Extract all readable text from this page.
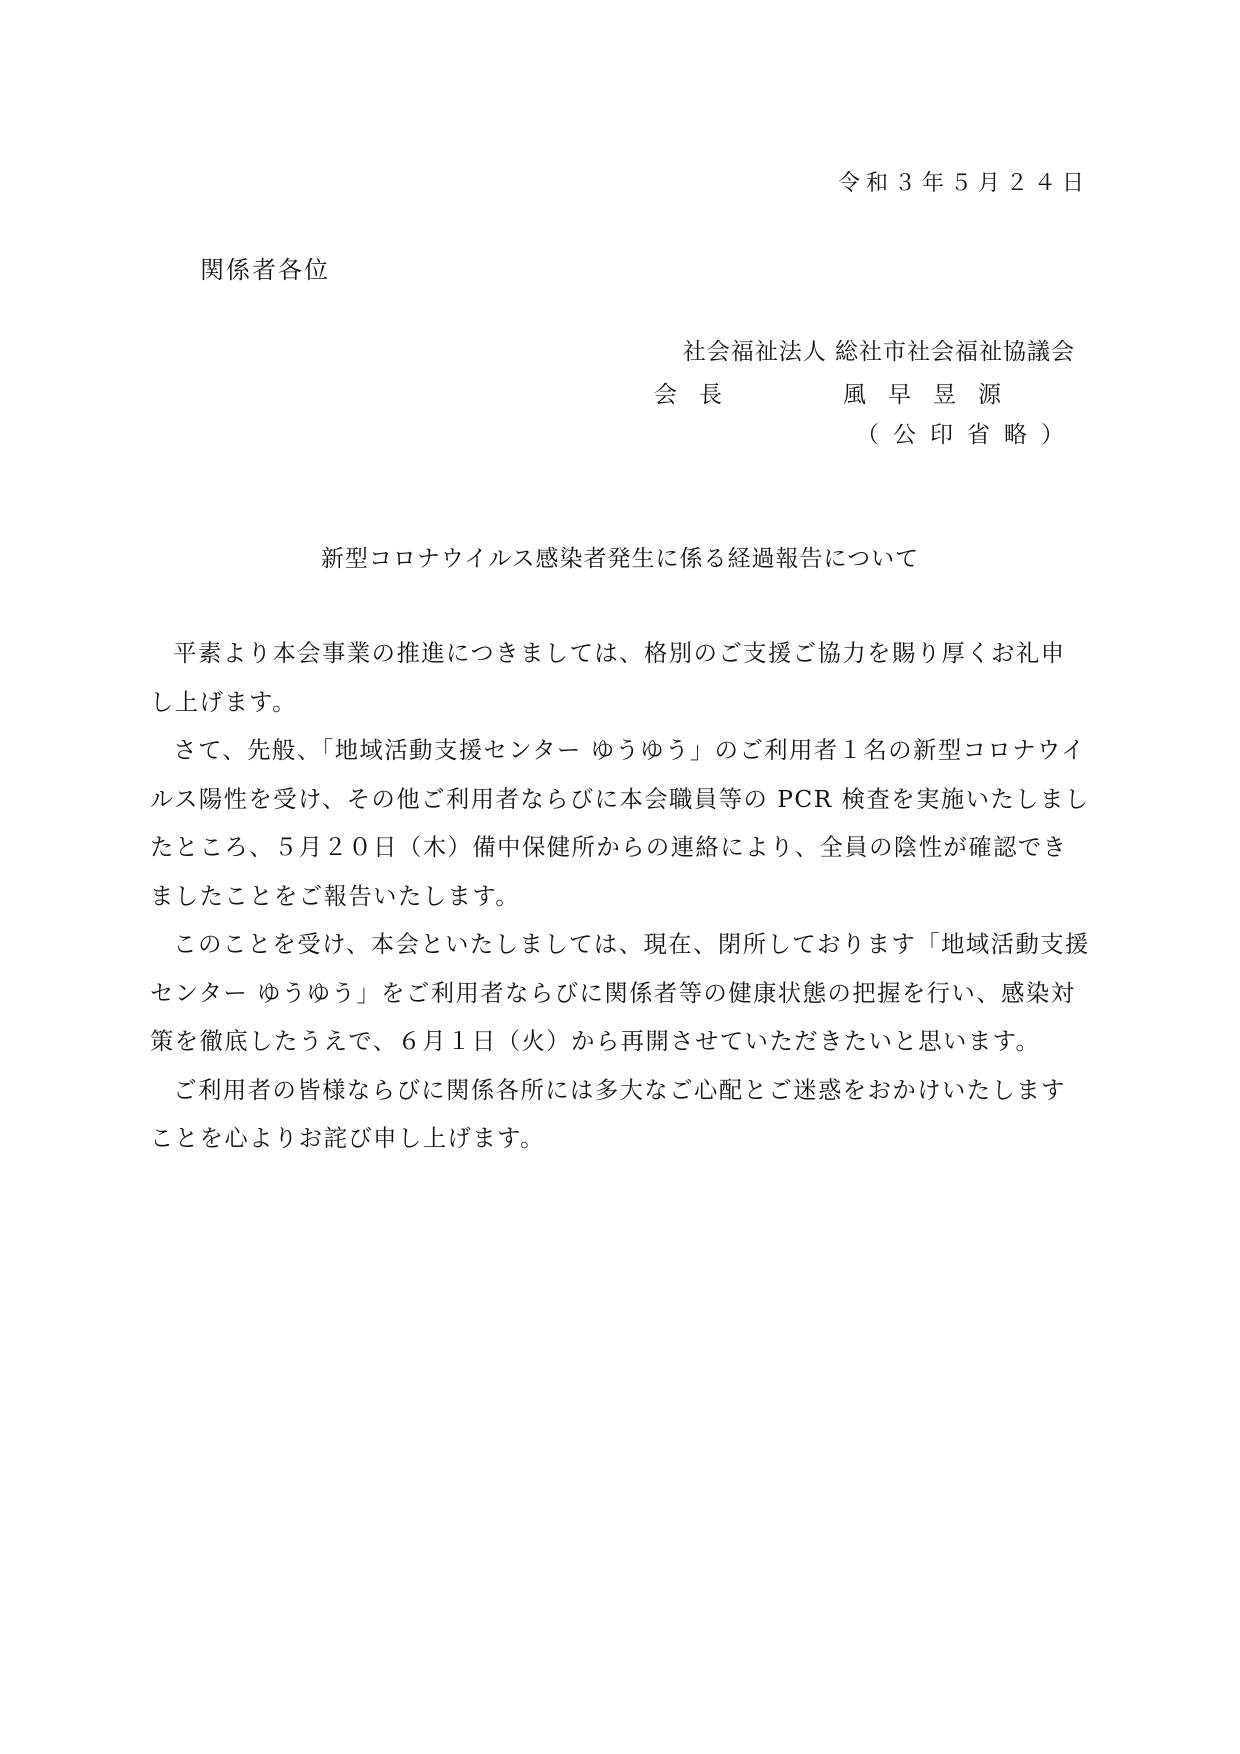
令和３年５月２４日
関係者各位
社会福祉法人 総社市社会福祉協議会
会長	風早昱源
（公印省略）
新型コロナウイルス感染者発生に係る経過報告について

平素より本会事業の推進につきましては、格別のご支援ご協力を賜り厚くお礼申し上げます。

さて、先般、「地域活動支援センター ゆうゆう」のご利用者１名の新型コロナウイルス陽性を受け、その他ご利用者ならびに本会職員等の PCR 検査を実施いたしましたところ、５月２０日（木）備中保健所からの連絡により、全員の陰性が確認できましたことをご報告いたします。

このことを受け、本会といたしましては、現在、閉所しております「地域活動支援センター ゆうゆう」をご利用者ならびに関係者等の健康状態の把握を行い、感染対策を徹底したうえで、６月１日（火）から再開させていただきたいと思います。

ご利用者の皆様ならびに関係各所には多大なご心配とご迷惑をおかけいたしますことを心よりお詫び申し上げます。
